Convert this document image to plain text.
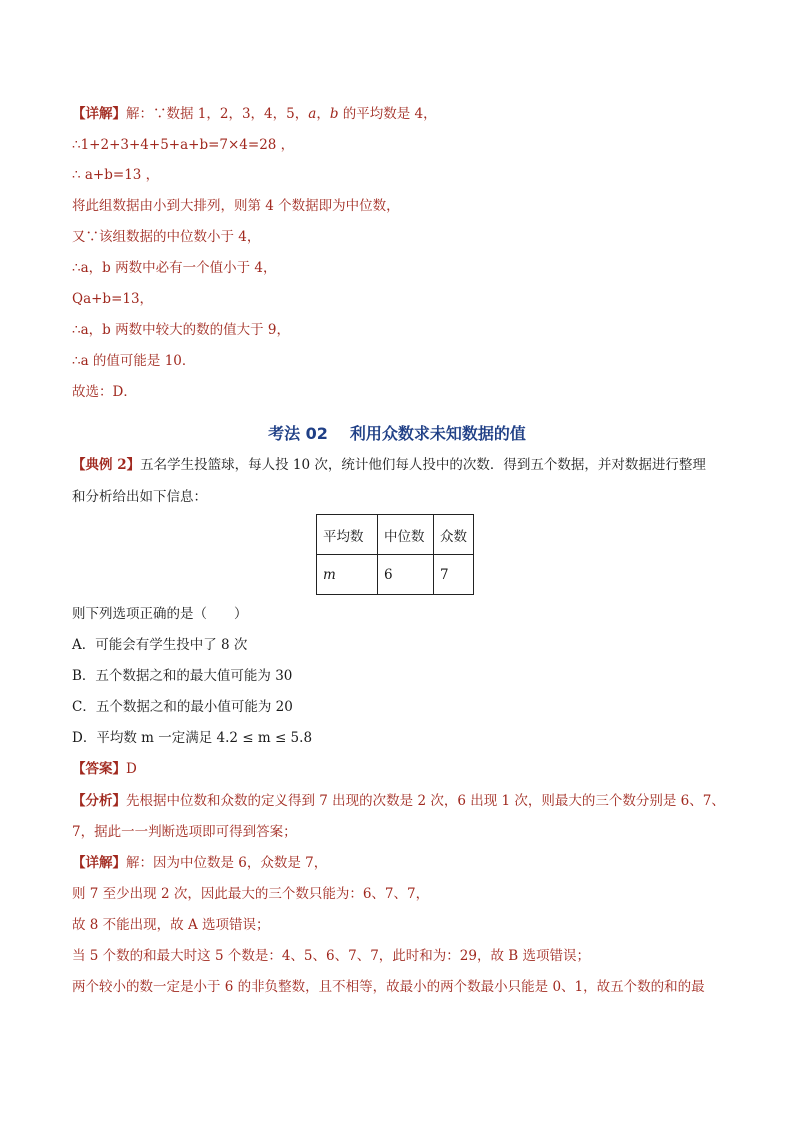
【详解】解：∵数据 1，2，3，4，5，a，b 的平均数是 4，
∴1+2+3+4+5+a+b=7×4=28 ，
∴ a+b=13 ，
将此组数据由小到大排列，则第 4 个数据即为中位数，
又∵该组数据的中位数小于 4，
∴a，b 两数中必有一个值小于 4，
Qa+b=13，
∴a，b 两数中较大的数的值大于 9，
∴a 的值可能是 10．
故选：D．
考法 02 利用众数求未知数据的值
【典例 2】五名学生投篮球，每人投 10 次，统计他们每人投中的次数．得到五个数据，并对数据进行整理
和分析给出如下信息：
平均数	中位数	众数
m	6	7
则下列选项正确的是（　　）
A．可能会有学生投中了 8 次
B．五个数据之和的最大值可能为 30
C．五个数据之和的最小值可能为 20
D．平均数 m 一定满足 4.2 ≤ m ≤ 5.8
【答案】D
【分析】先根据中位数和众数的定义得到 7 出现的次数是 2 次，6 出现 1 次，则最大的三个数分别是 6、7、
7，据此一一判断选项即可得到答案；
【详解】解：因为中位数是 6，众数是 7，
则 7 至少出现 2 次，因此最大的三个数只能为：6、7、7，
故 8 不能出现，故 A 选项错误；
当 5 个数的和最大时这 5 个数是：4、5、6、7、7，此时和为：29，故 B 选项错误；
两个较小的数一定是小于 6 的非负整数，且不相等，故最小的两个数最小只能是 0、1，故五个数的和的最
